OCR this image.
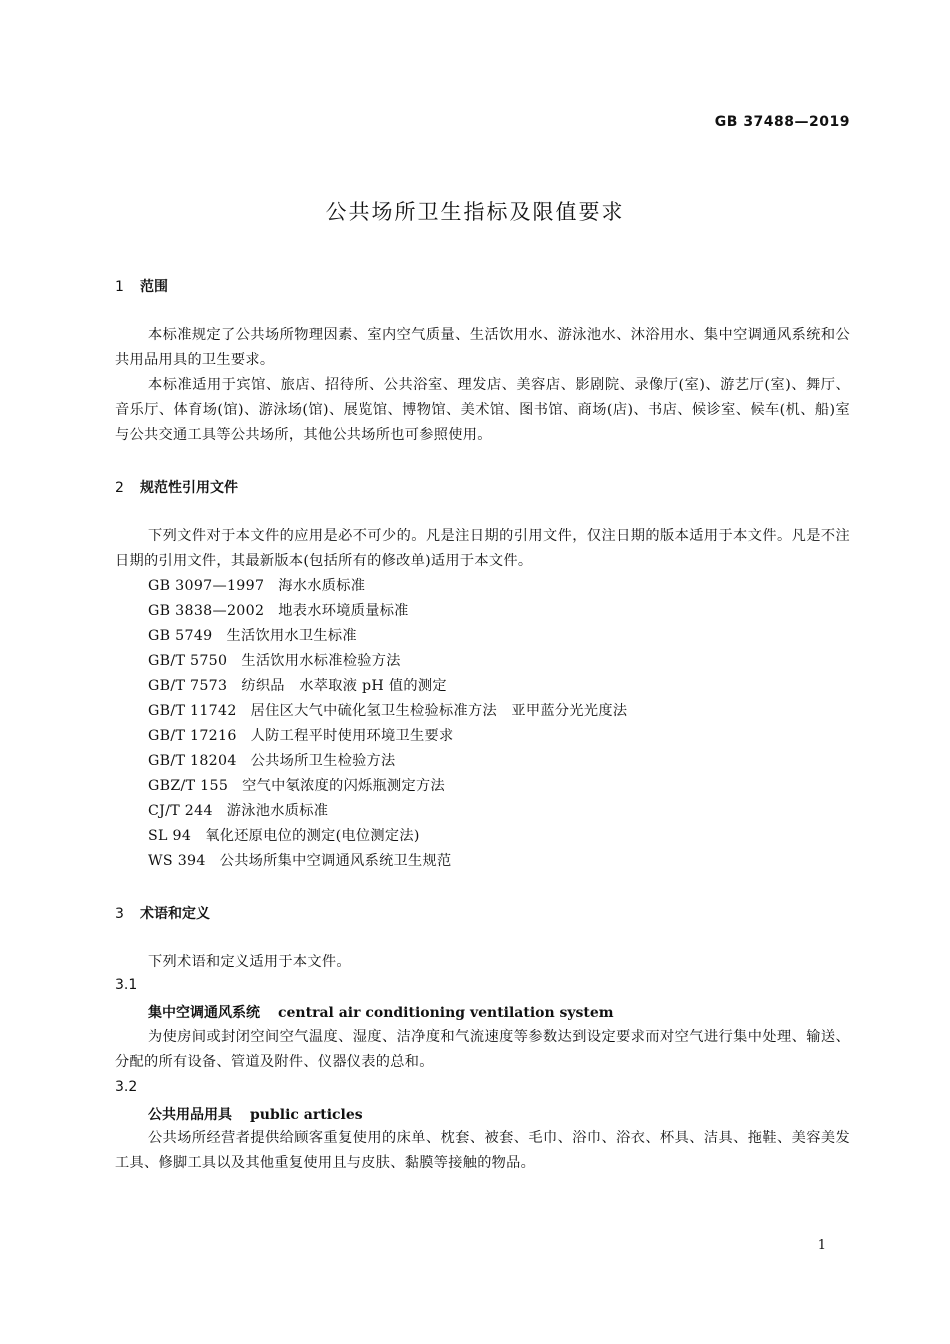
GB 37488—2019
公共场所卫生指标及限值要求
1 范围
本标准规定了公共场所物理因素、室内空气质量、生活饮用水、游泳池水、沐浴用水、集中空调通风系统和公共用品用具的卫生要求。
本标准适用于宾馆、旅店、招待所、公共浴室、理发店、美容店、影剧院、录像厅(室)、游艺厅(室)、舞厅、音乐厅、体育场(馆)、游泳场(馆)、展览馆、博物馆、美术馆、图书馆、商场(店)、书店、候诊室、候车(机、船)室与公共交通工具等公共场所，其他公共场所也可参照使用。
2 规范性引用文件
下列文件对于本文件的应用是必不可少的。凡是注日期的引用文件，仅注日期的版本适用于本文件。凡是不注日期的引用文件，其最新版本(包括所有的修改单)适用于本文件。
GB 3097—1997 海水水质标准
GB 3838—2002 地表水环境质量标准
GB 5749 生活饮用水卫生标准
GB/T 5750 生活饮用水标准检验方法
GB/T 7573 纺织品　水萃取液 pH 值的测定
GB/T 11742 居住区大气中硫化氢卫生检验标准方法　亚甲蓝分光光度法
GB/T 17216 人防工程平时使用环境卫生要求
GB/T 18204 公共场所卫生检验方法
GBZ/T 155 空气中氡浓度的闪烁瓶测定方法
CJ/T 244 游泳池水质标准
SL 94 氧化还原电位的测定(电位测定法)
WS 394 公共场所集中空调通风系统卫生规范
3 术语和定义
下列术语和定义适用于本文件。
3.1
集中空调通风系统 central air conditioning ventilation system
为使房间或封闭空间空气温度、湿度、洁净度和气流速度等参数达到设定要求而对空气进行集中处理、输送、分配的所有设备、管道及附件、仪器仪表的总和。
3.2
公共用品用具 public articles
公共场所经营者提供给顾客重复使用的床单、枕套、被套、毛巾、浴巾、浴衣、杯具、洁具、拖鞋、美容美发工具、修脚工具以及其他重复使用且与皮肤、黏膜等接触的物品。
1
